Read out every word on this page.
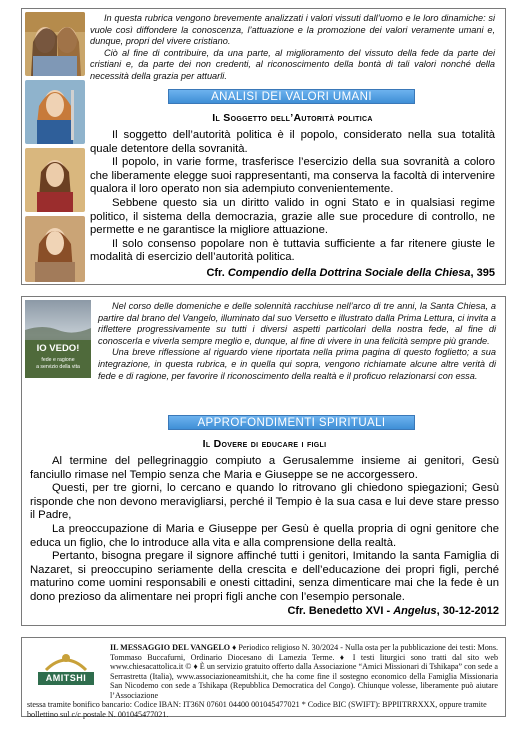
In questa rubrica vengono brevemente analizzati i valori vissuti dall’uomo e le loro dinamiche: si vuole così diffondere la conoscenza, l’attuazione e la promozione dei valori veramente umani e, dunque, propri del vivere cristiano.

Ciò al fine di contribuire, da una parte, al miglioramento del vissuto della fede da parte dei cristiani e, da parte dei non credenti, al riconoscimento della bontà di tali valori nonché della necessità della grazia per attuarli.

ANALISI DEI VALORI UMANI
Il Soggetto dell’Autorità politica

Il soggetto dell’autorità politica è il popolo, considerato nella sua totalità quale detentore della sovranità.

Il popolo, in varie forme, trasferisce l’esercizio della sua sovranità a coloro che liberamente elegge suoi rappresentanti, ma conserva la facoltà di intervenire qualora il loro operato non sia adempiuto convenientemente.

Sebbene questo sia un diritto valido in ogni Stato e in qualsiasi regime politico, il sistema della democrazia, grazie alle sue procedure di controllo, ne permette e ne garantisce la migliore attuazione.

Il solo consenso popolare non è tuttavia sufficiente a far ritenere giuste le modalità di esercizio dell’autorità politica.

Cfr. Compendio della Dottrina Sociale della Chiesa, 395
IO VEDO!
fede e ragione
a servizio della vita

Nel corso delle domeniche e delle solennità racchiuse nell’arco di tre anni, la Santa Chiesa, a partire dal brano del Vangelo, illuminato dal suo Versetto e illustrato dalla Prima Lettura, ci invita a riflettere progressivamente su tutti i diversi aspetti particolari della nostra fede, al fine di conoscerla e viverla sempre meglio e, dunque, al fine di vivere in una felicità sempre più grande.

Una breve riflessione al riguardo viene riportata nella prima pagina di questo foglietto; a sua integrazione, in questa rubrica, e in quella qui sopra, vengono richiamate alcune altre verità di fede e di ragione, per favorire il riconoscimento della realtà e il proficuo relazionarsi con essa.

APPROFONDIMENTI SPIRITUALI
Il Dovere di educare i figli

Al termine del pellegrinaggio compiuto a Gerusalemme insieme ai genitori, Gesù fanciullo rimase nel Tempio senza che Maria e Giuseppe se ne accorgessero.

Questi, per tre giorni, lo cercano e quando lo ritrovano gli chiedono spiegazioni; Gesù risponde che non devono meravigliarsi, perché il Tempio è la sua casa e lui deve stare presso il Padre,

La preoccupazione di Maria e Giuseppe per Gesù è quella propria di ogni genitore che educa un figlio, che lo introduce alla vita e alla comprensione della realtà.

Pertanto, bisogna pregare il signore affinché tutti i genitori, Imitando la santa Famiglia di Nazaret, si preoccupino seriamente della crescita e dell’educazione dei propri figli, perché maturino come uomini responsabili e onesti cittadini, senza dimenticare mai che la fede è un dono prezioso da alimentare nei propri figli anche con l’esempio personale.

Cfr. Benedetto XVI - Angelus, 30-12-2012
AMITSHI
IL MESSAGGIO DEL VANGELO ♦ Periodico religioso N. 30/2024 - Nulla osta per la pubblicazione dei testi: Mons. Tommaso Buccafurni, Ordinario Diocesano di Lamezia Terme. ♦ I testi liturgici sono tratti dal sito web www.chiesacattolica.it © ♦ È un servizio gratuito offerto dalla Associazione “Amici Missionari di Tshikapa” con sede a Serrastretta (Italia), www.associazioneamitshi.it, che ha come fine il sostegno economico della Famiglia Missionaria San Nicodemo con sede a Tshikapa (Repubblica Democratica del Congo). Chiunque volesse, liberamente può aiutare l’Associazione
stessa tramite bonifico bancario: Codice IBAN: IT36N 07601 04400 001045477021 * Codice BIC (SWIFT): BPPIITRRXXX, oppure tramite bollettino sul c/c postale N. 001045477021.
